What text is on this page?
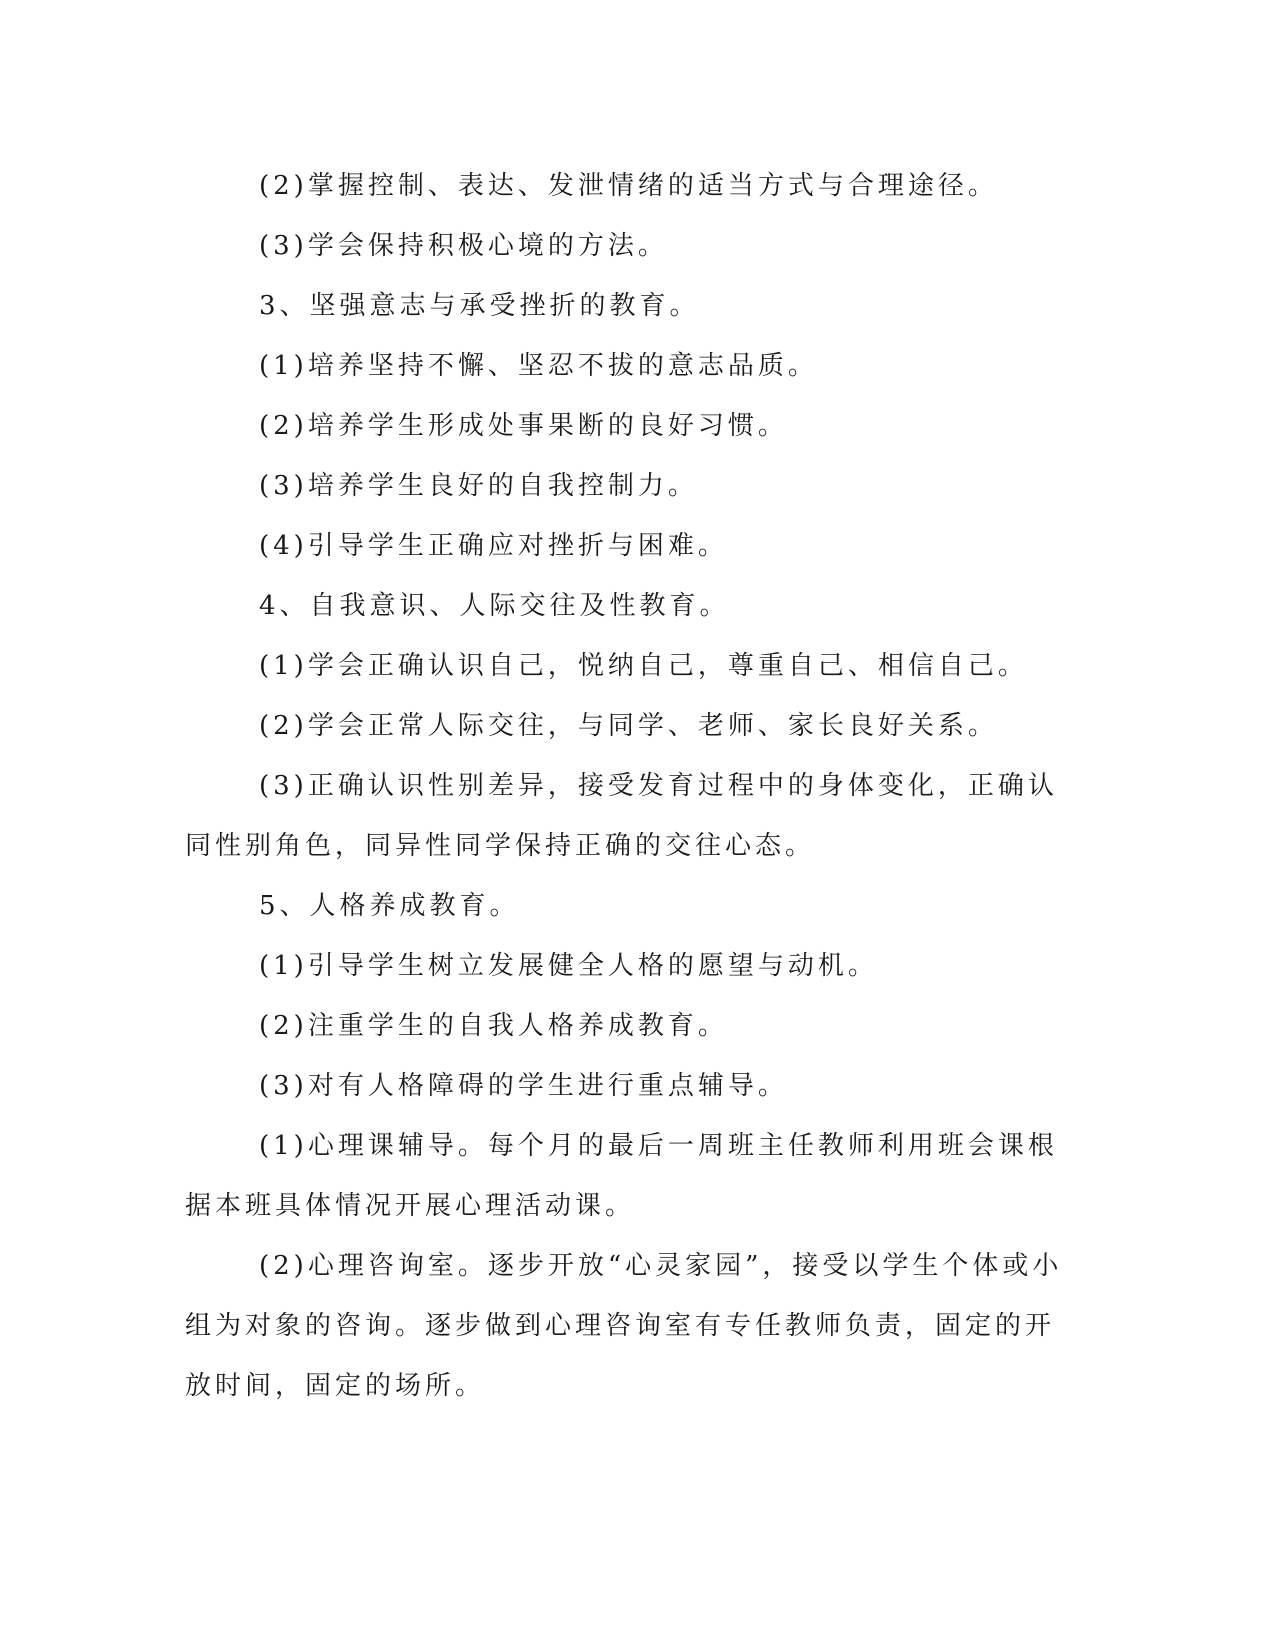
(2)掌握控制、表达、发泄情绪的适当方式与合理途径。

(3)学会保持积极心境的方法。

3、坚强意志与承受挫折的教育。

(1)培养坚持不懈、坚忍不拔的意志品质。

(2)培养学生形成处事果断的良好习惯。

(3)培养学生良好的自我控制力。

(4)引导学生正确应对挫折与困难。

4、自我意识、人际交往及性教育。

(1)学会正确认识自己，悦纳自己，尊重自己、相信自己。

(2)学会正常人际交往，与同学、老师、家长良好关系。

(3)正确认识性别差异，接受发育过程中的身体变化，正确认同性别角色，同异性同学保持正确的交往心态。

5、人格养成教育。

(1)引导学生树立发展健全人格的愿望与动机。

(2)注重学生的自我人格养成教育。

(3)对有人格障碍的学生进行重点辅导。

(1)心理课辅导。每个月的最后一周班主任教师利用班会课根据本班具体情况开展心理活动课。

(2)心理咨询室。逐步开放“心灵家园”，接受以学生个体或小组为对象的咨询。逐步做到心理咨询室有专任教师负责，固定的开放时间，固定的场所。
